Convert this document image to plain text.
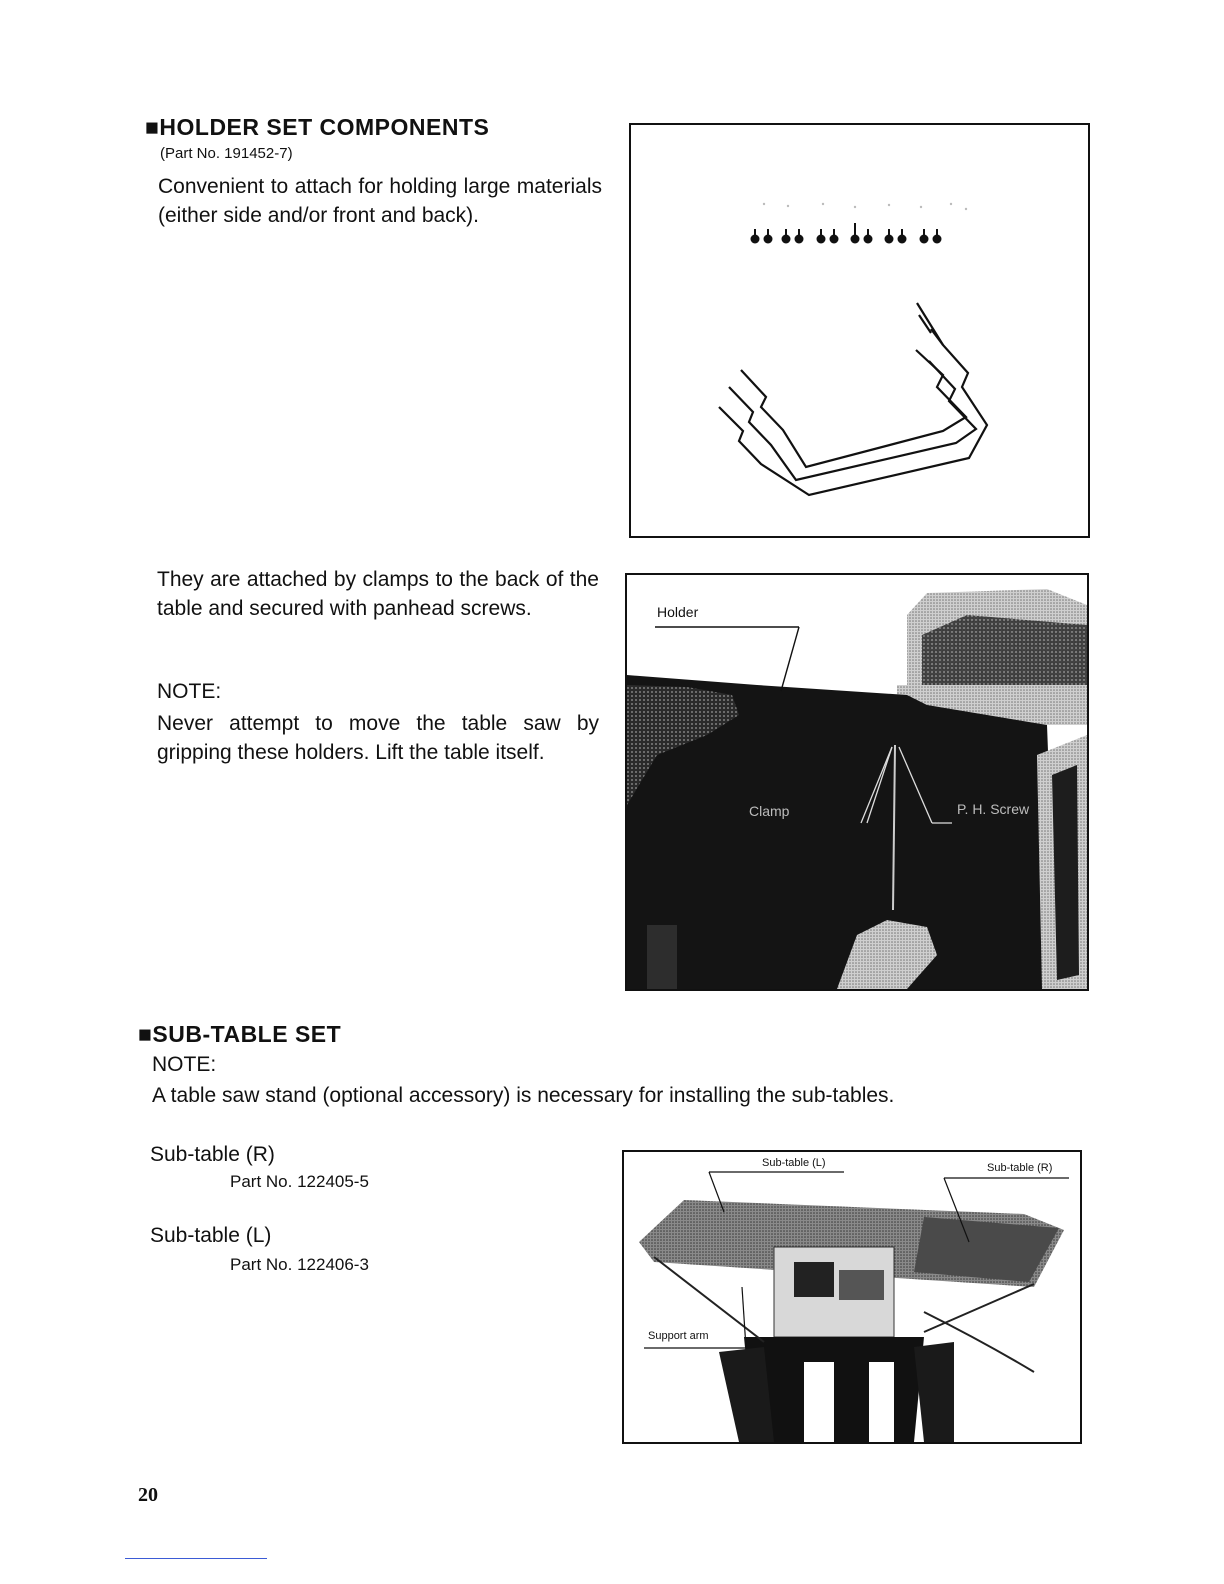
■HOLDER SET COMPONENTS
(Part No. 191452-7)
Convenient to attach for holding large materials (either side and/or front and back).
They are attached by clamps to the back of the table and secured with panhead screws.
NOTE:
Never attempt to move the table saw by gripping these holders. Lift the table itself.
Holder
Clamp	P. H. Screw
■SUB-TABLE SET
NOTE:
A table saw stand (optional accessory) is necessary for installing the sub-tables.
Sub-table (R)
Part No. 122405-5
Sub-table (L)
Part No. 122406-3
Sub-table (L)	Sub-table (R)
Support arm
20
